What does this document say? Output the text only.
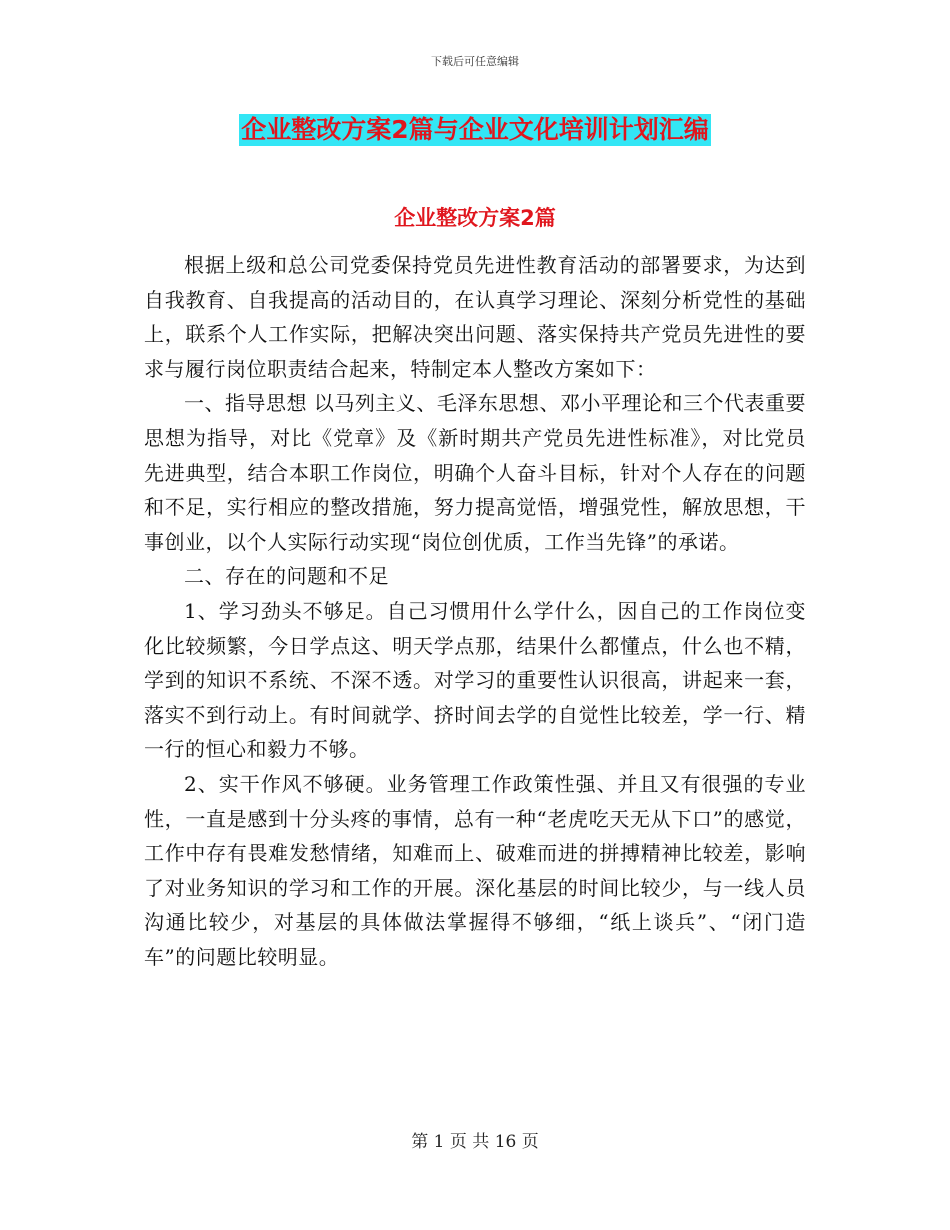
下载后可任意编辑
企业整改方案2篇与企业文化培训计划汇编
企业整改方案2篇

根据上级和总公司党委保持党员先进性教育活动的部署要求，为达到自我教育、自我提高的活动目的，在认真学习理论、深刻分析党性的基础上，联系个人工作实际，把解决突出问题、落实保持共产党员先进性的要求与履行岗位职责结合起来，特制定本人整改方案如下：

一、指导思想 以马列主义、毛泽东思想、邓小平理论和三个代表重要思想为指导，对比《党章》及《新时期共产党员先进性标准》，对比党员先进典型，结合本职工作岗位，明确个人奋斗目标，针对个人存在的问题和不足，实行相应的整改措施，努力提高觉悟，增强党性，解放思想，干事创业，以个人实际行动实现“岗位创优质，工作当先锋”的承诺。

二、存在的问题和不足

1、学习劲头不够足。自己习惯用什么学什么，因自己的工作岗位变化比较频繁，今日学点这、明天学点那，结果什么都懂点，什么也不精，学到的知识不系统、不深不透。对学习的重要性认识很高，讲起来一套，落实不到行动上。有时间就学、挤时间去学的自觉性比较差，学一行、精一行的恒心和毅力不够。

2、实干作风不够硬。业务管理工作政策性强、并且又有很强的专业性，一直是感到十分头疼的事情，总有一种“老虎吃天无从下口”的感觉，工作中存有畏难发愁情绪，知难而上、破难而进的拼搏精神比较差，影响了对业务知识的学习和工作的开展。深化基层的时间比较少，与一线人员沟通比较少，对基层的具体做法掌握得不够细，“纸上谈兵”、“闭门造车”的问题比较明显。

第 1 页 共 16 页
